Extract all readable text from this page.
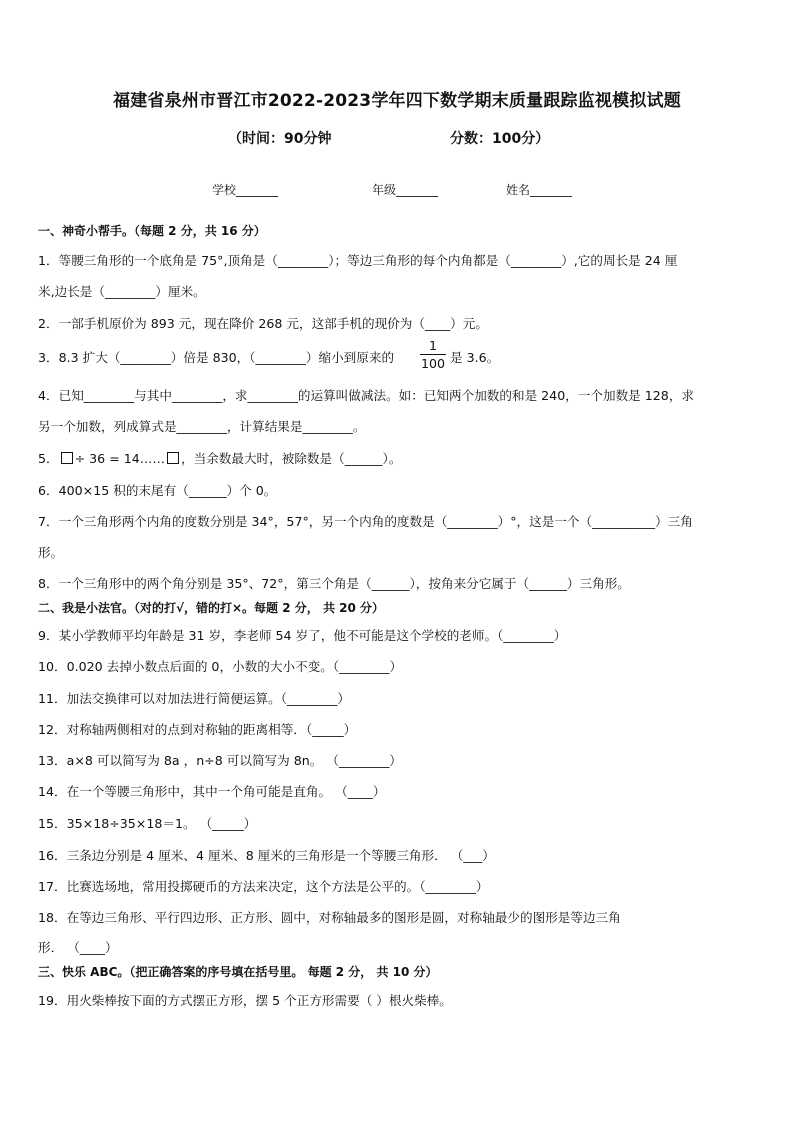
福建省泉州市晋江市2022-2023学年四下数学期末质量跟踪监视模拟试题
（时间：90分钟	分数：100分）
学校_______	年级_______	姓名_______
一、神奇小帮手。（每题 2 分，共 16 分）
1．等腰三角形的一个底角是 75°,顶角是（________）；等边三角形的每个内角都是（________）,它的周长是 24 厘
米,边长是（________）厘米。
2．一部手机原价为 893 元，现在降价 268 元，这部手机的现价为（____）元。
3．8.3 扩大（________）倍是 830，（________）缩小到原来的
1
100 是 3.6。
4．已知________与其中________，求________的运算叫做减法。如：已知两个加数的和是 240，一个加数是 128，求
另一个加数，列成算式是________，计算结果是________。
5． ÷ 36 = 14…… ，当余数最大时，被除数是（______）。
6．400×15 积的末尾有（______）个 0。
7．一个三角形两个内角的度数分别是 34°，57°，另一个内角的度数是（________）°，这是一个（__________）三角
形。
8．一个三角形中的两个角分别是 35°、72°，第三个角是（______），按角来分它属于（______）三角形。
二、我是小法官。（对的打√，错的打×。每题 2 分， 共 20 分）
9．某小学教师平均年龄是 31 岁，李老师 54 岁了，他不可能是这个学校的老师。（________）
10．0.020 去掉小数点后面的 0，小数的大小不变。（________）
11．加法交换律可以对加法进行简便运算。（________）
12．对称轴两侧相对的点到对称轴的距离相等．（_____）
13．a×8 可以简写为 8a ，n÷8 可以简写为 8n。 （________）
14．在一个等腰三角形中，其中一个角可能是直角。 （____）
15．35×18÷35×18＝1。 （_____）
16．三条边分别是 4 厘米、4 厘米、8 厘米的三角形是一个等腰三角形． （___）
17．比赛选场地，常用投掷硬币的方法来决定，这个方法是公平的。（________）
18．在等边三角形、平行四边形、正方形、圆中，对称轴最多的图形是圆，对称轴最少的图形是等边三角
形． （____）
三、快乐 ABC。（把正确答案的序号填在括号里。 每题 2 分， 共 10 分）
19．用火柴棒按下面的方式摆正方形，摆 5 个正方形需要（ ）根火柴棒。
